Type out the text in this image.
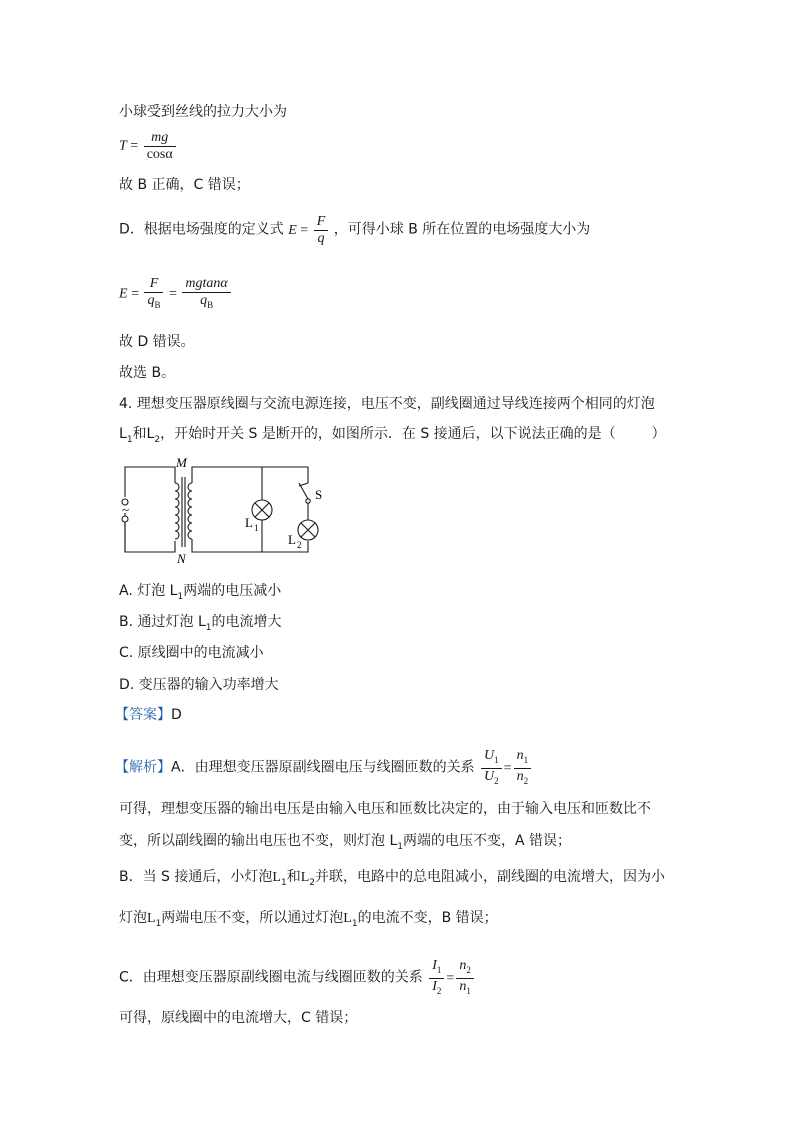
小球受到丝线的拉力大小为
$T = \frac{mg}{\cos\alpha}$
故 B 正确，C 错误；
D．根据电场强度的定义式 $E = \frac{F}{q}$ ，可得小球 B 所在位置的电场强度大小为
$E = \frac{F}{q_B} = \frac{mgtan\alpha}{q_B}$
故 D 错误。
故选 B。
4. 理想变压器原线圈与交流电源连接，电压不变，副线圈通过导线连接两个相同的灯泡
$L_1$和$L_2$，开始时开关 S 是断开的，如图所示．在 S 接通后，以下说法正确的是（	）
~
M
N
S
L 1
L 2
A. 灯泡 $L_1$两端的电压减小
B. 通过灯泡 $L_1$的电流增大
C. 原线圈中的电流减小
D. 变压器的输入功率增大
【答案】D
【解析】A．由理想变压器原副线圈电压与线圈匝数的关系 $\frac{U_1}{U_2} = \frac{n_1}{n_2}$
可得，理想变压器的输出电压是由输入电压和匝数比决定的，由于输入电压和匝数比不
变，所以副线圈的输出电压也不变，则灯泡 $L_1$两端的电压不变，A 错误；
B．当 S 接通后，小灯泡$L_1$和$L_2$并联，电路中的总电阻减小，副线圈的电流增大，因为小
灯泡$L_1$两端电压不变，所以通过灯泡$L_1$的电流不变，B 错误；
C．由理想变压器原副线圈电流与线圈匝数的关系 $\frac{I_1}{I_2} = \frac{n_2}{n_1}$
可得，原线圈中的电流增大，C 错误；
